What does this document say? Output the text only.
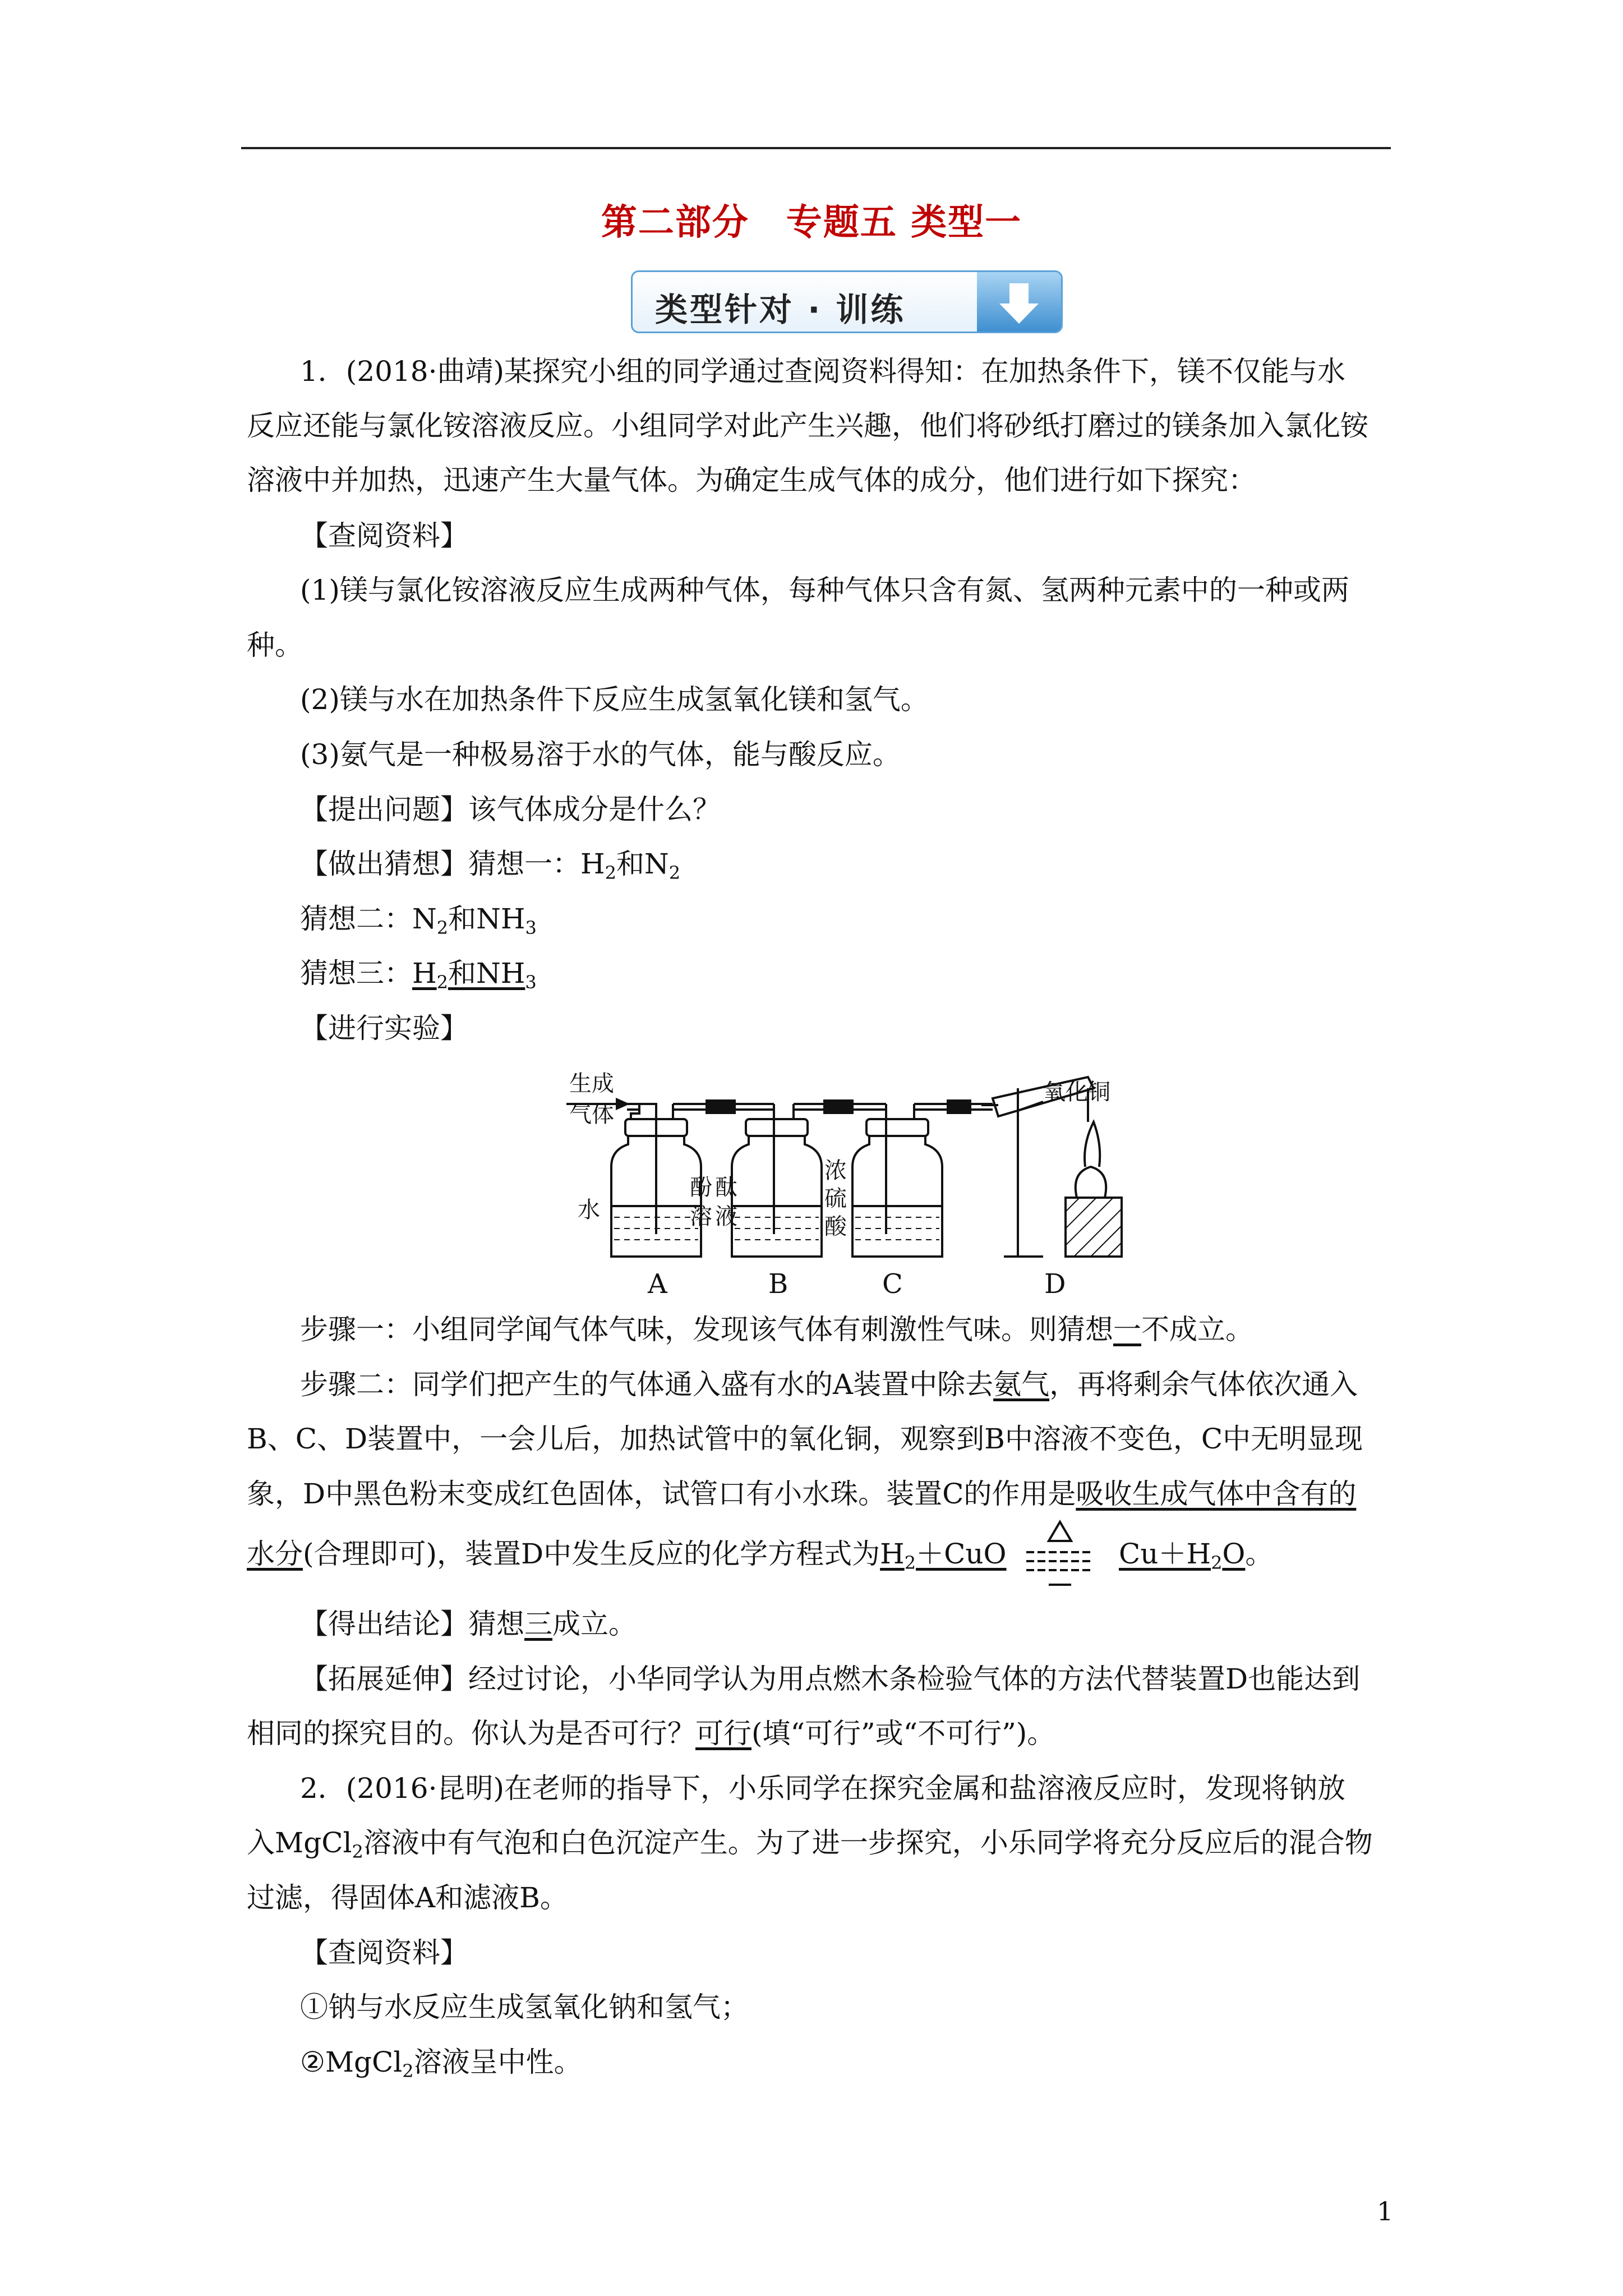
第二部分　专题五 类型一
类型针对 · 训练
1．(2018·曲靖)某探究小组的同学通过查阅资料得知：在加热条件下，镁不仅能与水
反应还能与氯化铵溶液反应。小组同学对此产生兴趣，他们将砂纸打磨过的镁条加入氯化铵
溶液中并加热，迅速产生大量气体。为确定生成气体的成分，他们进行如下探究：
【查阅资料】
(1)镁与氯化铵溶液反应生成两种气体，每种气体只含有氮、氢两种元素中的一种或两
种。
(2)镁与水在加热条件下反应生成氢氧化镁和氢气。
(3)氨气是一种极易溶于水的气体，能与酸反应。
【提出问题】该气体成分是什么？
【做出猜想】猜想一：$H_2$和$N_2$
猜想二：$N_2$和$NH_3$
猜想三：$H_2$和$NH_3$
【进行实验】
生成
气体
水
酚 酞
溶 液
浓
硫
酸
氧化铜
A	B	C	D
步骤一：小组同学闻气体气味，发现该气体有刺激性气味。则猜想一不成立。
步骤二：同学们把产生的气体通入盛有水的A装置中除去氨气，再将剩余气体依次通入
B、C、D装置中，一会儿后，加热试管中的氧化铜，观察到B中溶液不变色，C中无明显现
象，D中黑色粉末变成红色固体，试管口有小水珠。装置C的作用是吸收生成气体中含有的
水分(合理即可)，装置D中发生反应的化学方程式为$H_2+CuO$	$Cu+H_2O$。
【得出结论】猜想三成立。
【拓展延伸】经过讨论，小华同学认为用点燃木条检验气体的方法代替装置D也能达到
相同的探究目的。你认为是否可行？可行(填“可行”或“不可行”)。
2．(2016·昆明)在老师的指导下，小乐同学在探究金属和盐溶液反应时，发现将钠放
入MgCl$_2$溶液中有气泡和白色沉淀产生。为了进一步探究，小乐同学将充分反应后的混合物
过滤，得固体A和滤液B。
【查阅资料】
①钠与水反应生成氢氧化钠和氢气；
②MgCl$_2$溶液呈中性。
1
